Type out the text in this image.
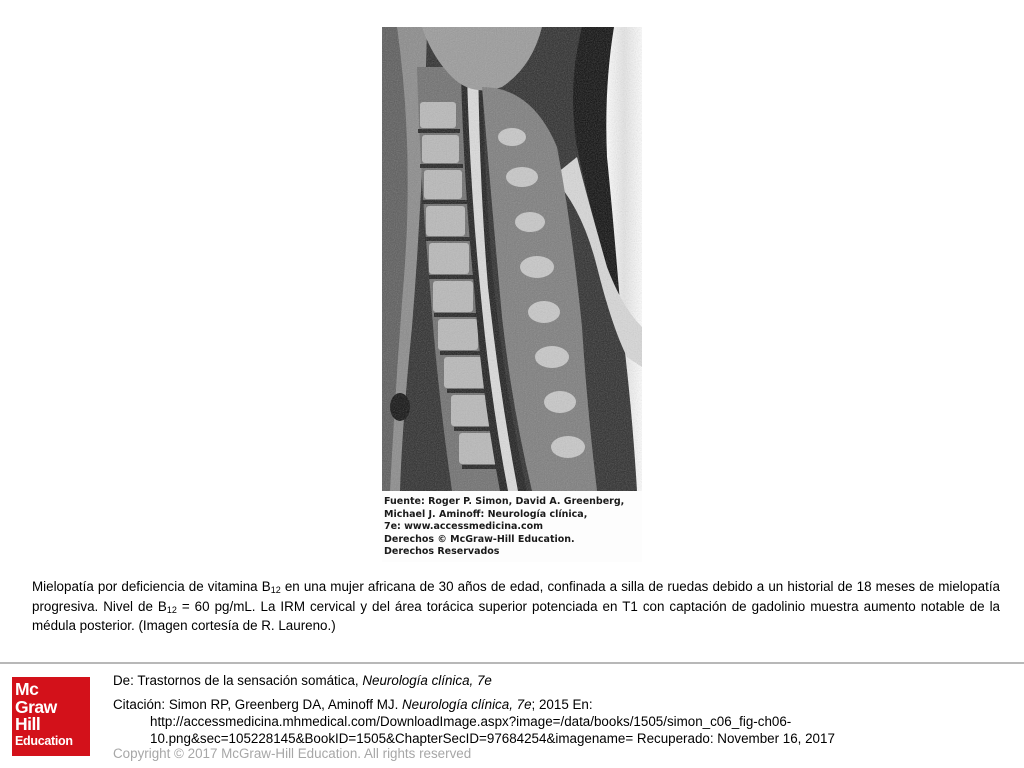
Fuente: Roger P. Simon, David A. Greenberg,
Michael J. Aminoff: Neurología clínica,
7e: www.accessmedicina.com
Derechos © McGraw-Hill Education.
Derechos Reservados
Mielopatía por deficiencia de vitamina $B_{12}$ en una mujer africana de 30 años de edad, confinada a silla de ruedas debido a un historial de 18 meses de mielopatía progresiva. Nivel de $B_{12} = 60$ pg/mL. La IRM cervical y del área torácica superior potenciada en T1 con captación de gadolinio muestra aumento notable de la médula posterior. (Imagen cortesía de R. Laureno.)
Mc
Graw
Hill
Education
De: Trastornos de la sensación somática, Neurología clínica, 7e
Citación: Simon RP, Greenberg DA, Aminoff MJ. Neurología clínica, 7e; 2015 En:
http://accessmedicina.mhmedical.com/DownloadImage.aspx?image=/data/books/1505/simon_c06_fig-ch06-
10.png&sec=105228145&BookID=1505&ChapterSecID=97684254&imagename= Recuperado: November 16, 2017
Copyright © 2017 McGraw-Hill Education. All rights reserved
